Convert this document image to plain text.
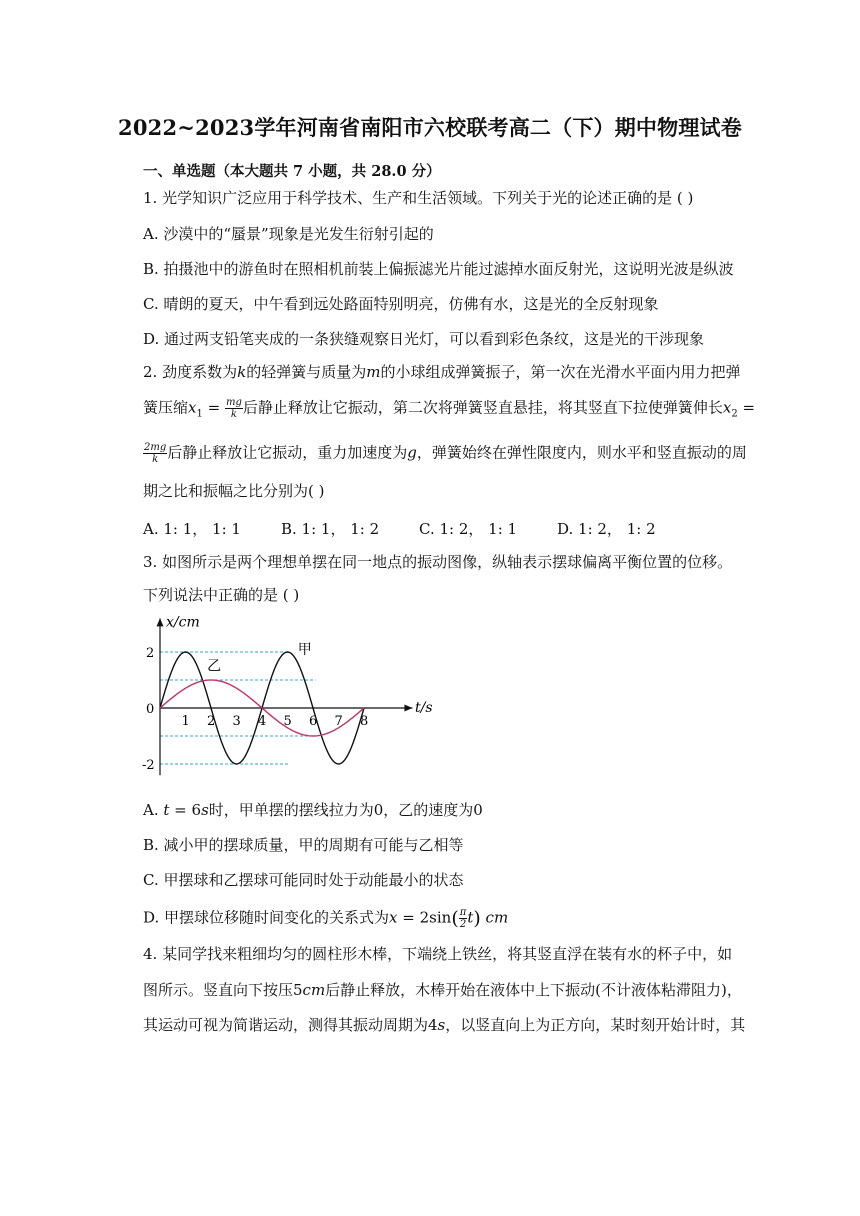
2022~2023学年河南省南阳市六校联考高二（下）期中物理试卷
一、单选题（本大题共 7 小题，共 28.0 分）
1. 光学知识广泛应用于科学技术、生产和生活领域。下列关于光的论述正确的是 ( )
A. 沙漠中的“蜃景”现象是光发生衍射引起的
B. 拍摄池中的游鱼时在照相机前装上偏振滤光片能过滤掉水面反射光，这说明光波是纵波
C. 晴朗的夏天，中午看到远处路面特别明亮，仿佛有水，这是光的全反射现象
D. 通过两支铅笔夹成的一条狭缝观察日光灯，可以看到彩色条纹，这是光的干涉现象
2. 劲度系数为k的轻弹簧与质量为m的小球组成弹簧振子，第一次在光滑水平面内用力把弹
簧压缩$x_1 = \frac{mg}{k}$ 后静止释放让它振动，第二次将弹簧竖直悬挂，将其竖直下拉使弹簧伸长$x_2$ =
$\frac{2mg}{k}$ 后静止释放让它振动，重力加速度为g，弹簧始终在弹性限度内，则水平和竖直振动的周
期之比和振幅之比分别为( )
A. 1: 1， 1: 1	B. 1: 1， 1: 2	C. 1: 2， 1: 1	D. 1: 2， 1: 2
3. 如图所示是两个理想单摆在同一地点的振动图像，纵轴表示摆球偏离平衡位置的位移。
下列说法中正确的是 ( )
x/cm
t/s
1 2 3 4 5 6 7 8
2
0
-2
甲
乙
A. t = 6s时，甲单摆的摆线拉力为0，乙的速度为0
B. 减小甲的摆球质量，甲的周期有可能与乙相等
C. 甲摆球和乙摆球可能同时处于动能最小的状态
D. 甲摆球位移随时间变化的关系式为$x = 2\sin( \frac{\pi}{2} t)$ cm
4. 某同学找来粗细均匀的圆柱形木棒，下端绕上铁丝，将其竖直浮在装有水的杯子中，如
图所示。竖直向下按压5cm后静止释放，木棒开始在液体中上下振动(不计液体粘滞阻力)，
其运动可视为简谐运动，测得其振动周期为4s，以竖直向上为正方向，某时刻开始计时，其
